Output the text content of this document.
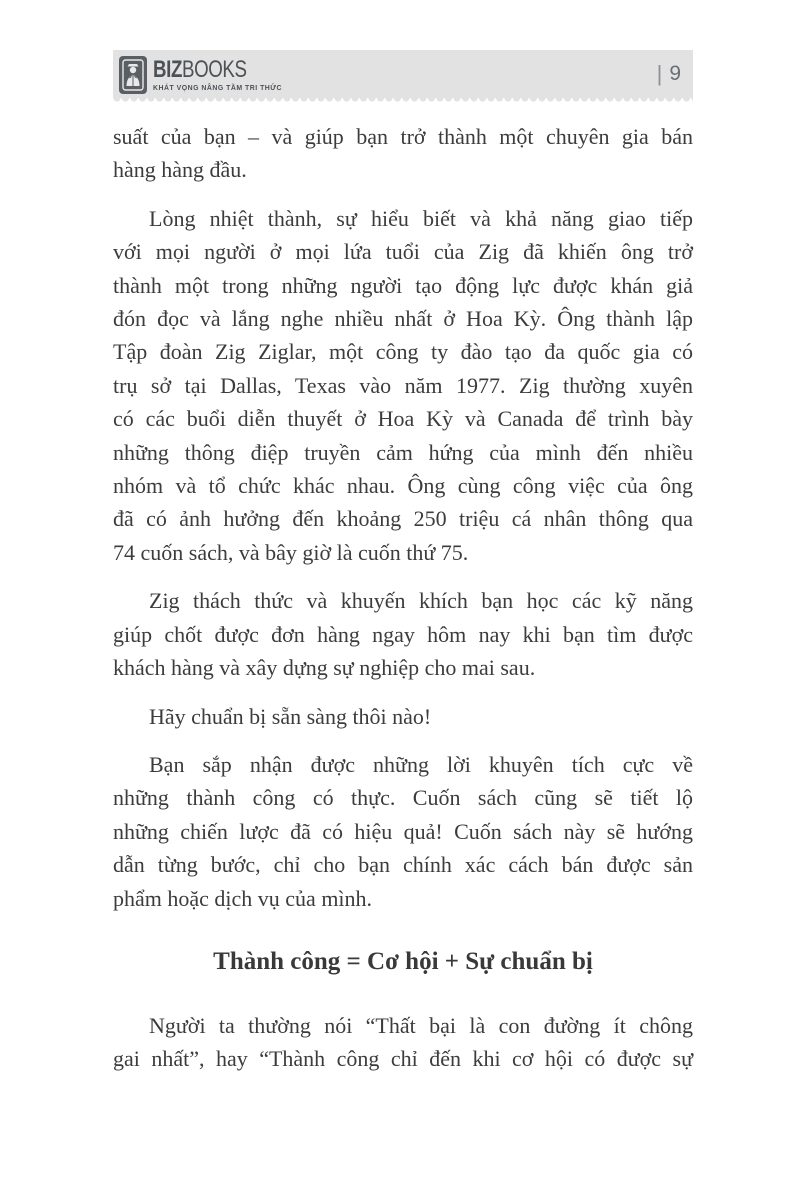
BIZBOOKS
KHÁT VỌNG NÂNG TẦM TRI THỨC
| 9
suất của bạn – và giúp bạn trở thành một chuyên gia bán
hàng hàng đầu.
Lòng nhiệt thành, sự hiểu biết và khả năng giao tiếp
với mọi người ở mọi lứa tuổi của Zig đã khiến ông trở
thành một trong những người tạo động lực được khán giả
đón đọc và lắng nghe nhiều nhất ở Hoa Kỳ. Ông thành lập
Tập đoàn Zig Ziglar, một công ty đào tạo đa quốc gia có
trụ sở tại Dallas, Texas vào năm 1977. Zig thường xuyên
có các buổi diễn thuyết ở Hoa Kỳ và Canada để trình bày
những thông điệp truyền cảm hứng của mình đến nhiều
nhóm và tổ chức khác nhau. Ông cùng công việc của ông
đã có ảnh hưởng đến khoảng 250 triệu cá nhân thông qua
74 cuốn sách, và bây giờ là cuốn thứ 75.
Zig thách thức và khuyến khích bạn học các kỹ năng
giúp chốt được đơn hàng ngay hôm nay khi bạn tìm được
khách hàng và xây dựng sự nghiệp cho mai sau.
Hãy chuẩn bị sẵn sàng thôi nào!
Bạn sắp nhận được những lời khuyên tích cực về
những thành công có thực. Cuốn sách cũng sẽ tiết lộ
những chiến lược đã có hiệu quả! Cuốn sách này sẽ hướng
dẫn từng bước, chỉ cho bạn chính xác cách bán được sản
phẩm hoặc dịch vụ của mình.
Thành công = Cơ hội + Sự chuẩn bị
Người ta thường nói “Thất bại là con đường ít chông
gai nhất”, hay “Thành công chỉ đến khi cơ hội có được sự
